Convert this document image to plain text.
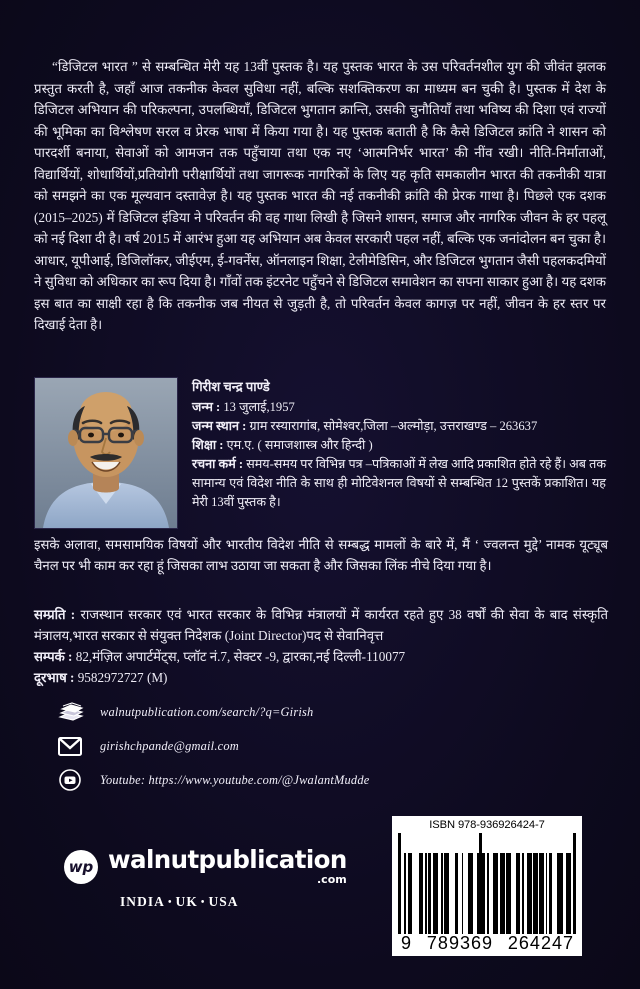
“डिजिटल भारत ” से सम्बन्धित मेरी यह 13वीं पुस्तक है। यह पुस्तक भारत के उस परिवर्तनशील युग की जीवंत झलक प्रस्तुत करती है, जहाँ आज तकनीक केवल सुविधा नहीं, बल्कि सशक्तिकरण का माध्यम बन चुकी है। पुस्तक में देश के डिजिटल अभियान की परिकल्पना, उपलब्धियाँ, डिजिटल भुगतान क्रान्ति, उसकी चुनौतियाँ तथा भविष्य की दिशा एवं राज्यों की भूमिका का विश्लेषण सरल व प्रेरक भाषा में किया गया है। यह पुस्तक बताती है कि कैसे डिजिटल क्रांति ने शासन को पारदर्शी बनाया, सेवाओं को आमजन तक पहुँचाया तथा एक नए ‘आत्मनिर्भर भारत’ की नींव रखी। नीति-निर्माताओं, विद्यार्थियों, शोधार्थियों,प्रतियोगी परीक्षार्थियों तथा जागरूक नागरिकों के लिए यह कृति समकालीन भारत की तकनीकी यात्रा को समझने का एक मूल्यवान दस्तावेज़ है। यह पुस्तक भारत की नई तकनीकी क्रांति की प्रेरक गाथा है। पिछले एक दशक (2015–2025) में डिजिटल इंडिया ने परिवर्तन की वह गाथा लिखी है जिसने शासन, समाज और नागरिक जीवन के हर पहलू को नई दिशा दी है। वर्ष 2015 में आरंभ हुआ यह अभियान अब केवल सरकारी पहल नहीं, बल्कि एक जनांदोलन बन चुका है। आधार, यूपीआई, डिजिलॉकर, जीईएम, ई-गवर्नेंस, ऑनलाइन शिक्षा, टेलीमेडिसिन, और डिजिटल भुगतान जैसी पहलकदमियों ने सुविधा को अधिकार का रूप दिया है। गाँवों तक इंटरनेट पहुँचने से डिजिटल समावेशन का सपना साकार हुआ है। यह दशक इस बात का साक्षी रहा है कि तकनीक जब नीयत से जुड़ती है, तो परिवर्तन केवल कागज़ पर नहीं, जीवन के हर स्तर पर दिखाई देता है।
गिरीश चन्द्र पाण्डे
जन्म : 13 जुलाई,1957
जन्म स्थान : ग्राम रस्यारागांब, सोमेश्वर,जिला –अल्मोड़ा, उत्तराखण्ड – 263637
शिक्षा : एम.ए. ( समाजशास्त्र और हिन्दी )
रचना कर्म : समय-समय पर विभिन्न पत्र –पत्रिकाओं में लेख आदि प्रकाशित होते रहे हैं। अब तक सामान्य एवं विदेश नीति के साथ ही मोटिवेशनल विषयों से सम्बन्धित 12 पुस्तकें प्रकाशित। यह मेरी 13वीं पुस्तक है।
इसके अलावा, समसामयिक विषयों और भारतीय विदेश नीति से सम्बद्ध मामलों के बारे में, मैं ‘ ज्वलन्त मुद्दे’ नामक यूट्यूब चैनल पर भी काम कर रहा हूं जिसका लाभ उठाया जा सकता है और जिसका लिंक नीचे दिया गया है।
सम्प्रति : राजस्थान सरकार एवं भारत सरकार के विभिन्न मंत्रालयों में कार्यरत रहते हुए 38 वर्षों की सेवा के बाद संस्कृति मंत्रालय,भारत सरकार से संयुक्त निदेशक (Joint Director)पद से सेवानिवृत्त
सम्पर्क : 82,मंज़िल अपार्टमेंट्स, प्लॉट नं.7, सेक्टर -9, द्वारका,नई दिल्ली-110077
दूरभाष : 9582972727 (M)
walnutpublication.com/search/?q=Girish
girishchpande@gmail.com
Youtube: https://www.youtube.com/@JwalantMudde
wp walnutpublication
.com
INDIA • UK • USA
ISBN 978-936926424-7
9 789369 264247
